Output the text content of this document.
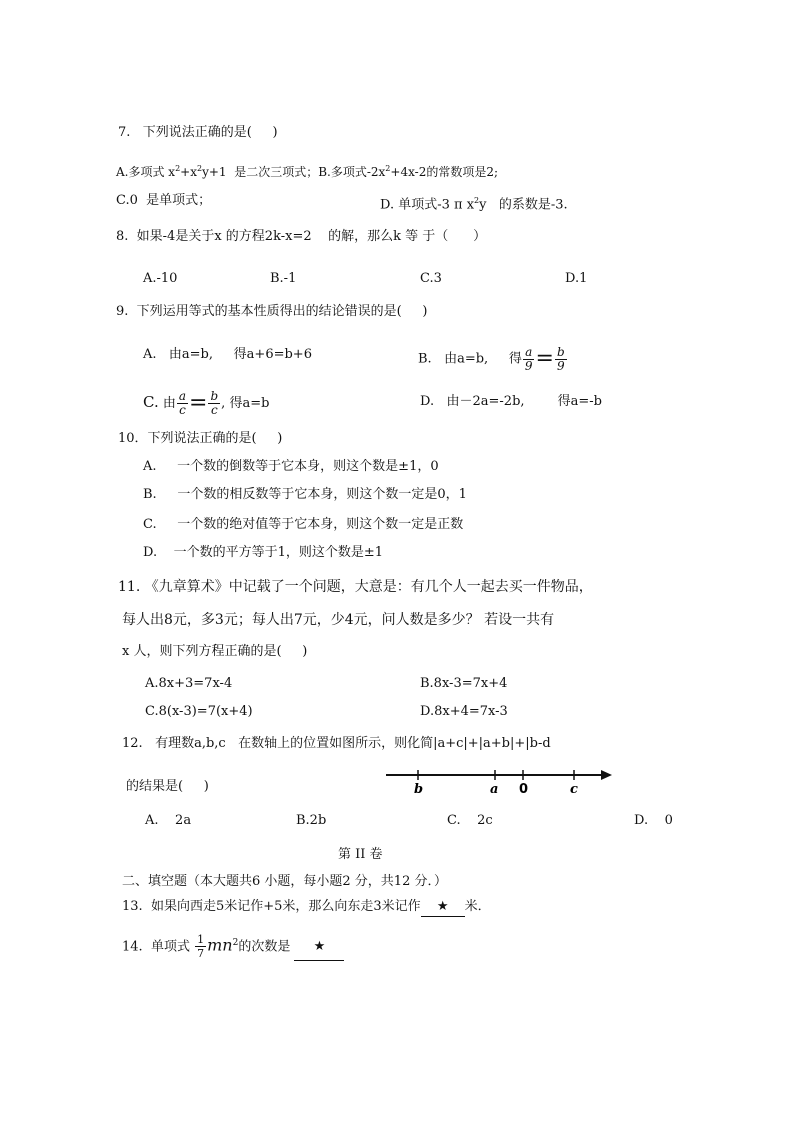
7.   下列说法正确的是(     )
A.多项式 $x^2+x^2y+1$  是二次三项式；B.多项式$-2x^2+4x-2$的常数项是2;
C.0  是单项式；	D. 单项式-3 π $x^2y$   的系数是-3.
8.  如果-4是关于x 的方程2k-x=2    的解，那么k 等 于（      ）
A.-10	B.-1	C.3	D.1
9.  下列运用等式的基本性质得出的结论错误的是(     )
A.   由a=b,     得a+6=b+6	B.   由a=b, 得 $\frac{a}{9} = \frac{b}{9}$
C. 由 $\frac{a}{c} = \frac{b}{c}$ , 得a=b	D.   由－2a=-2b,        得a=-b
10．下列说法正确的是(     )
A.     一个数的倒数等于它本身，则这个数是±1，0
B.     一个数的相反数等于它本身，则这个数一定是0，1
C.     一个数的绝对值等于它本身，则这个数一定是正数
D.    一个数的平方等于1，则这个数是±1
11. 《九章算术》中记载了一个问题，大意是：有几个人一起去买一件物品，
每人出8元，多3元；每人出7元，少4元，问人数是多少？ 若设一共有
x 人，则下列方程正确的是(     )
A.8x+3=7x-4	B.8x-3=7x+4
C.8(x-3)=7(x+4)	D.8x+4=7x-3
12.   有理数a,b,c   在数轴上的位置如图所示，则化简|a+c|+|a+b|+|b-d
的结果是(     )	b	a 0	c
A.    2a	B.2b	C.    2c	D.    0
第 II 卷
二、填空题（本大题共6 小题，每小题2 分，共12 分．）
13.  如果向西走5米记作+5米，那么向东走3米记作 ★ 米．
14.  单项式 $\frac{1}{7} mn^2$的次数是 ★
